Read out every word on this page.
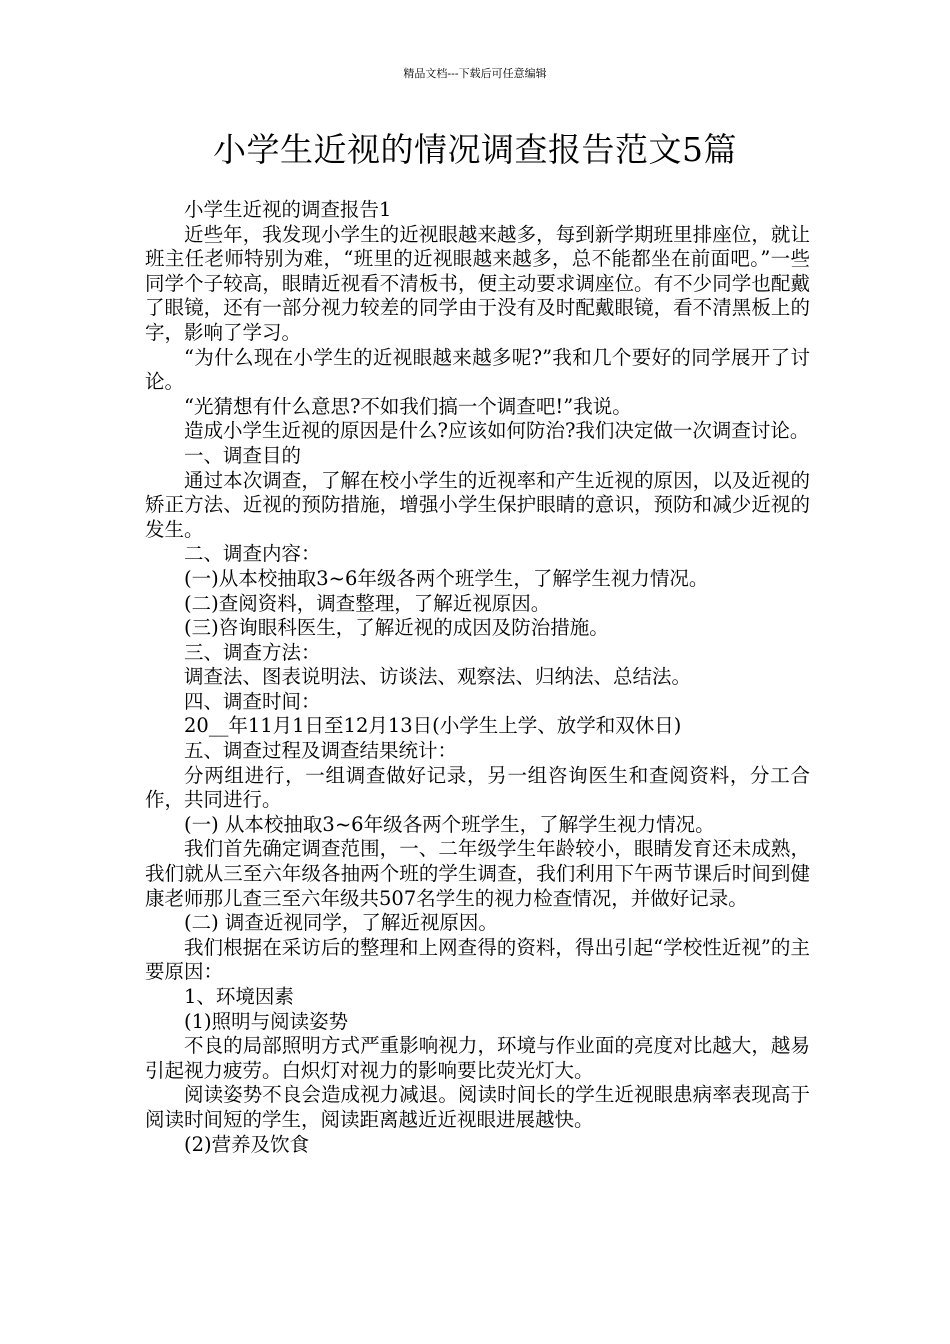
精品文档---下载后可任意编辑
小学生近视的情况调查报告范文5篇

小学生近视的调查报告1

近些年，我发现小学生的近视眼越来越多，每到新学期班里排座位，就让班主任老师特别为难，“班里的近视眼越来越多，总不能都坐在前面吧。”一些同学个子较高，眼睛近视看不清板书，便主动要求调座位。有不少同学也配戴了眼镜，还有一部分视力较差的同学由于没有及时配戴眼镜，看不清黑板上的字，影响了学习。

“为什么现在小学生的近视眼越来越多呢?”我和几个要好的同学展开了讨论。

“光猜想有什么意思?不如我们搞一个调查吧!”我说。

造成小学生近视的原因是什么?应该如何防治?我们决定做一次调查讨论。

一、调查目的

通过本次调查，了解在校小学生的近视率和产生近视的原因，以及近视的矫正方法、近视的预防措施，增强小学生保护眼睛的意识，预防和减少近视的发生。

二、调查内容：

(一)从本校抽取3~6年级各两个班学生，了解学生视力情况。

(二)查阅资料，调查整理，了解近视原因。

(三)咨询眼科医生，了解近视的成因及防治措施。

三、调查方法：

调查法、图表说明法、访谈法、观察法、归纳法、总结法。

四、调查时间：

20__年11月1日至12月13日(小学生上学、放学和双休日)

五、调查过程及调查结果统计：

分两组进行，一组调查做好记录，另一组咨询医生和查阅资料，分工合作，共同进行。

(一) 从本校抽取3~6年级各两个班学生，了解学生视力情况。

我们首先确定调查范围，一、二年级学生年龄较小，眼睛发育还未成熟，我们就从三至六年级各抽两个班的学生调查，我们利用下午两节课后时间到健康老师那儿查三至六年级共507名学生的视力检查情况，并做好记录。

(二) 调查近视同学，了解近视原因。

我们根据在采访后的整理和上网查得的资料，得出引起“学校性近视”的主要原因：

1、环境因素

(1)照明与阅读姿势

不良的局部照明方式严重影响视力，环境与作业面的亮度对比越大，越易引起视力疲劳。白炽灯对视力的影响要比荧光灯大。

阅读姿势不良会造成视力减退。阅读时间长的学生近视眼患病率表现高于阅读时间短的学生，阅读距离越近近视眼进展越快。

(2)营养及饮食
